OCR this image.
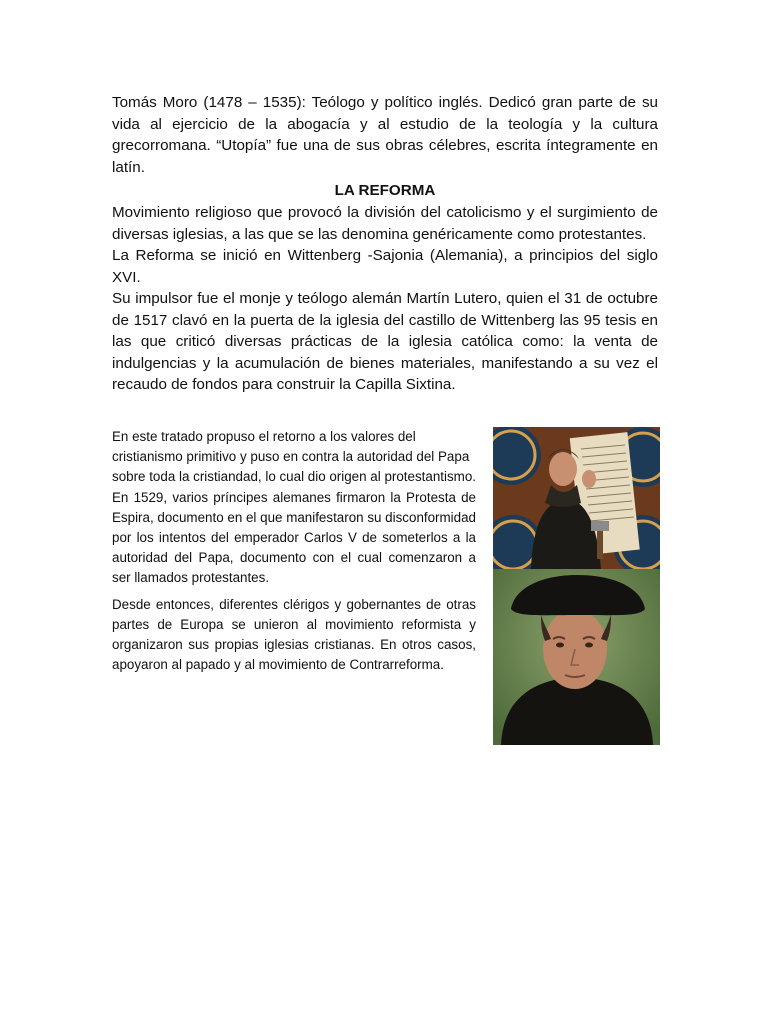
Tomás Moro (1478 – 1535): Teólogo y político inglés. Dedicó gran parte de su vida al ejercicio de la abogacía y al estudio de la teología y la cultura grecorromana. “Utopía” fue una de sus obras célebres, escrita íntegramente en latín.

LA REFORMA

Movimiento religioso que provocó la división del catolicismo y el surgimiento de diversas iglesias, a las que se las denomina genéricamente como protestantes.

La Reforma se inició en Wittenberg -Sajonia (Alemania), a principios del siglo XVI.

Su impulsor fue el monje y teólogo alemán Martín Lutero, quien el 31 de octubre de 1517 clavó en la puerta de la iglesia del castillo de Wittenberg las 95 tesis en las que criticó diversas prácticas de la iglesia católica como: la venta de indulgencias y la acumulación de bienes materiales, manifestando a su vez el recaudo de fondos para construir la Capilla Sixtina.

En este tratado propuso el retorno a los valores del cristianismo primitivo y puso en contra la autoridad del Papa sobre toda la cristiandad, lo cual dio origen al protestantismo.

En 1529, varios príncipes alemanes firmaron la Protesta de Espira, documento en el que manifestaron su disconformidad por los intentos del emperador Carlos V de someterlos a la autoridad del Papa, documento con el cual comenzaron a ser llamados protestantes.

Desde entonces, diferentes clérigos y gobernantes de otras partes de Europa se unieron al movimiento reformista y organizaron sus propias iglesias cristianas. En otros casos, apoyaron al papado y al movimiento de Contrarreforma.
